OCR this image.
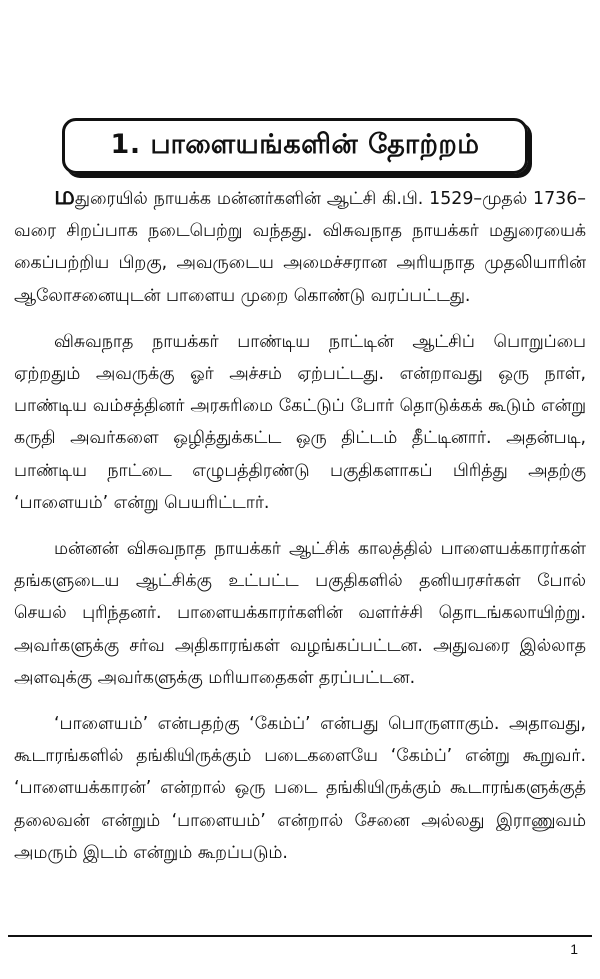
1. பாளையங்களின் தோற்றம்

மதுரையில் நாயக்க மன்னர்களின் ஆட்சி கி.பி. 1529–முதல் 1736–வரை சிறப்பாக நடைபெற்று வந்தது. விசுவநாத நாயக்கர் மதுரையைக் கைப்பற்றிய பிறகு, அவருடைய அமைச்சரான அரியநாத முதலியாரின் ஆலோசனையுடன் பாளைய முறை கொண்டு வரப்பட்டது.

விசுவநாத நாயக்கர் பாண்டிய நாட்டின் ஆட்சிப் பொறுப்பை ஏற்றதும் அவருக்கு ஓர் அச்சம் ஏற்பட்டது. என்றாவது ஒரு நாள், பாண்டிய வம்சத்தினர் அரசுரிமை கேட்டுப் போர் தொடுக்கக் கூடும் என்று கருதி அவர்களை ஒழித்துக்கட்ட ஒரு திட்டம் தீட்டினார். அதன்படி, பாண்டிய நாட்டை எழுபத்திரண்டு பகுதிகளாகப் பிரித்து அதற்கு ‘பாளையம்’ என்று பெயரிட்டார்.

மன்னன் விசுவநாத நாயக்கர் ஆட்சிக் காலத்தில் பாளையக்காரர்கள் தங்களுடைய ஆட்சிக்கு உட்பட்ட பகுதிகளில் தனியரசர்கள் போல் செயல் புரிந்தனர். பாளையக்காரர்களின் வளர்ச்சி தொடங்கலாயிற்று. அவர்களுக்கு சர்வ அதிகாரங்கள் வழங்கப்பட்டன. அதுவரை இல்லாத அளவுக்கு அவர்களுக்கு மரியாதைகள் தரப்பட்டன.

‘பாளையம்’ என்பதற்கு ‘கேம்ப்’ என்பது பொருளாகும். அதாவது, கூடாரங்களில் தங்கியிருக்கும் படைகளையே ‘கேம்ப்’ என்று கூறுவர். ‘பாளையக்காரன்’ என்றால் ஒரு படை தங்கியிருக்கும் கூடாரங்களுக்குத் தலைவன் என்றும் ‘பாளையம்’ என்றால் சேனை அல்லது இராணுவம் அமரும் இடம் என்றும் கூறப்படும்.

1
